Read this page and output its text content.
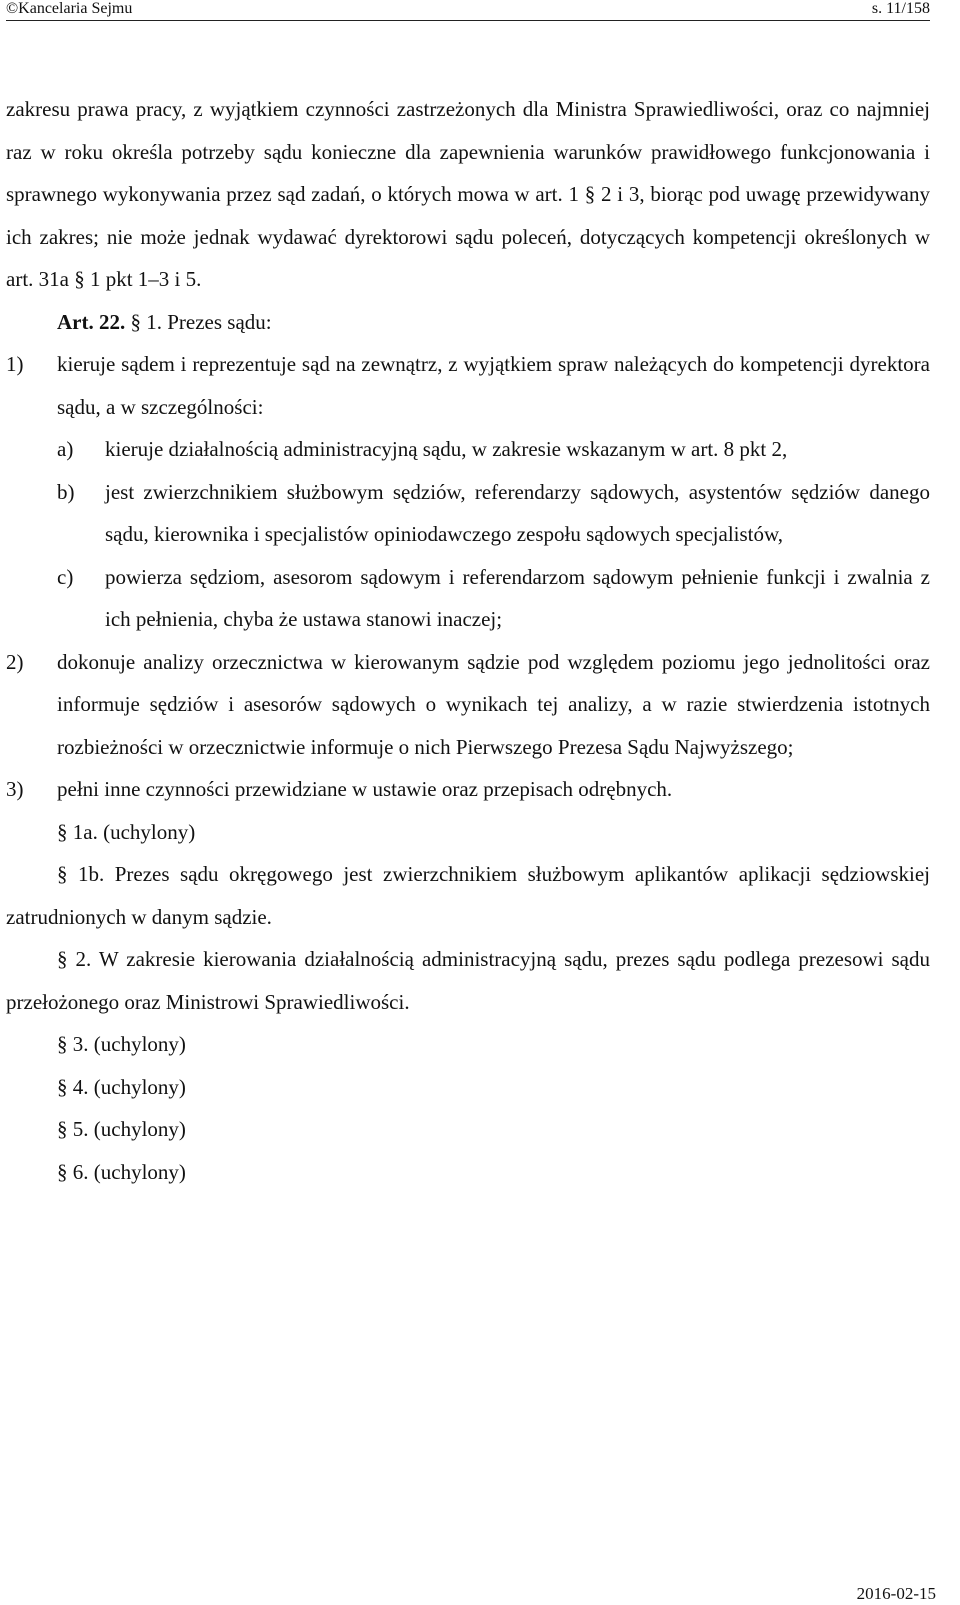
©Kancelaria Sejmu	s. 11/158

zakresu prawa pracy, z wyjątkiem czynności zastrzeżonych dla Ministra Sprawiedliwości, oraz co najmniej raz w roku określa potrzeby sądu konieczne dla zapewnienia warunków prawidłowego funkcjonowania i sprawnego wykonywania przez sąd zadań, o których mowa w art. 1 § 2 i 3, biorąc pod uwagę przewidywany ich zakres; nie może jednak wydawać dyrektorowi sądu poleceń, dotyczących kompetencji określonych w art. 31a § 1 pkt 1–3 i 5.

Art. 22. § 1. Prezes sądu:

1)	kieruje sądem i reprezentuje sąd na zewnątrz, z wyjątkiem spraw należących do kompetencji dyrektora sądu, a w szczególności:
a)	kieruje działalnością administracyjną sądu, w zakresie wskazanym w art. 8 pkt 2,
b)	jest zwierzchnikiem służbowym sędziów, referendarzy sądowych, asystentów sędziów danego sądu, kierownika i specjalistów opiniodawczego zespołu sądowych specjalistów,
c)	powierza sędziom, asesorom sądowym i referendarzom sądowym pełnienie funkcji i zwalnia z ich pełnienia, chyba że ustawa stanowi inaczej;
2)	dokonuje analizy orzecznictwa w kierowanym sądzie pod względem poziomu jego jednolitości oraz informuje sędziów i asesorów sądowych o wynikach tej analizy, a w razie stwierdzenia istotnych rozbieżności w orzecznictwie informuje o nich Pierwszego Prezesa Sądu Najwyższego;
3)	pełni inne czynności przewidziane w ustawie oraz przepisach odrębnych.

§ 1a. (uchylony)

§ 1b. Prezes sądu okręgowego jest zwierzchnikiem służbowym aplikantów aplikacji sędziowskiej zatrudnionych w danym sądzie.

§ 2. W zakresie kierowania działalnością administracyjną sądu, prezes sądu podlega prezesowi sądu przełożonego oraz Ministrowi Sprawiedliwości.

§ 3. (uchylony)

§ 4. (uchylony)

§ 5. (uchylony)

§ 6. (uchylony)

2016-02-15
